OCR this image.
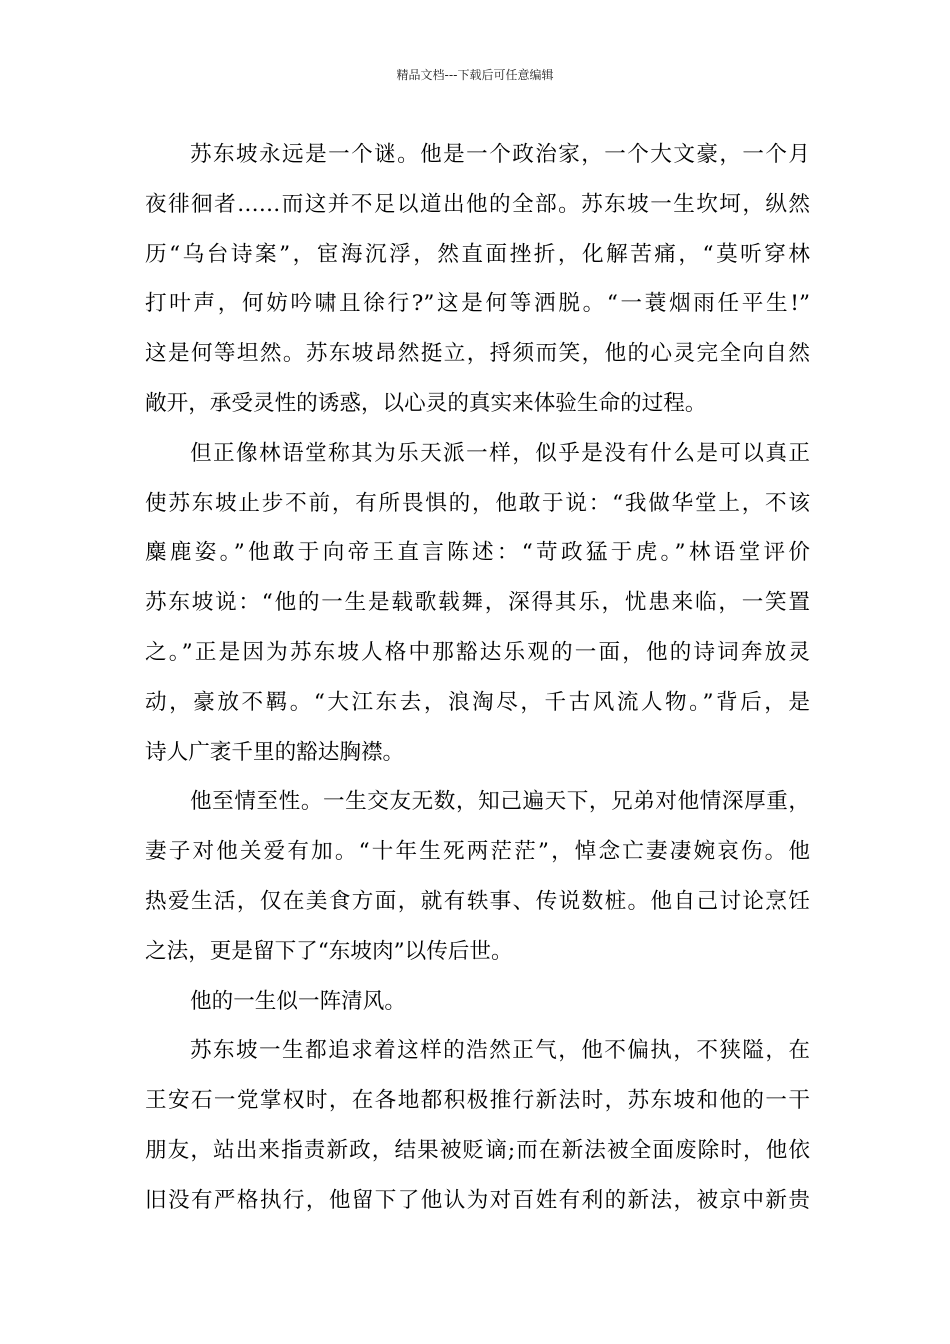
精品文档---下载后可任意编辑
苏东坡永远是一个谜。他是一个政治家，一个大文豪，一个月
夜徘徊者……而这并不足以道出他的全部。苏东坡一生坎坷，纵然
历“乌台诗案”，宦海沉浮，然直面挫折，化解苦痛，“莫听穿林
打叶声，何妨吟啸且徐行?”这是何等洒脱。“一蓑烟雨任平生!”
这是何等坦然。苏东坡昂然挺立，捋须而笑，他的心灵完全向自然
敞开，承受灵性的诱惑，以心灵的真实来体验生命的过程。
但正像林语堂称其为乐天派一样，似乎是没有什么是可以真正
使苏东坡止步不前，有所畏惧的，他敢于说：“我做华堂上，不该
麋鹿姿。”他敢于向帝王直言陈述：“苛政猛于虎。”林语堂评价
苏东坡说：“他的一生是载歌载舞，深得其乐，忧患来临，一笑置
之。”正是因为苏东坡人格中那豁达乐观的一面，他的诗词奔放灵
动，豪放不羁。“大江东去，浪淘尽，千古风流人物。”背后，是
诗人广袤千里的豁达胸襟。
他至情至性。一生交友无数，知己遍天下，兄弟对他情深厚重，
妻子对他关爱有加。“十年生死两茫茫”，悼念亡妻凄婉哀伤。他
热爱生活，仅在美食方面，就有轶事、传说数桩。他自己讨论烹饪
之法，更是留下了“东坡肉”以传后世。
他的一生似一阵清风。
苏东坡一生都追求着这样的浩然正气，他不偏执，不狭隘，在
王安石一党掌权时，在各地都积极推行新法时，苏东坡和他的一干
朋友，站出来指责新政，结果被贬谪;而在新法被全面废除时，他依
旧没有严格执行，他留下了他认为对百姓有利的新法，被京中新贵
